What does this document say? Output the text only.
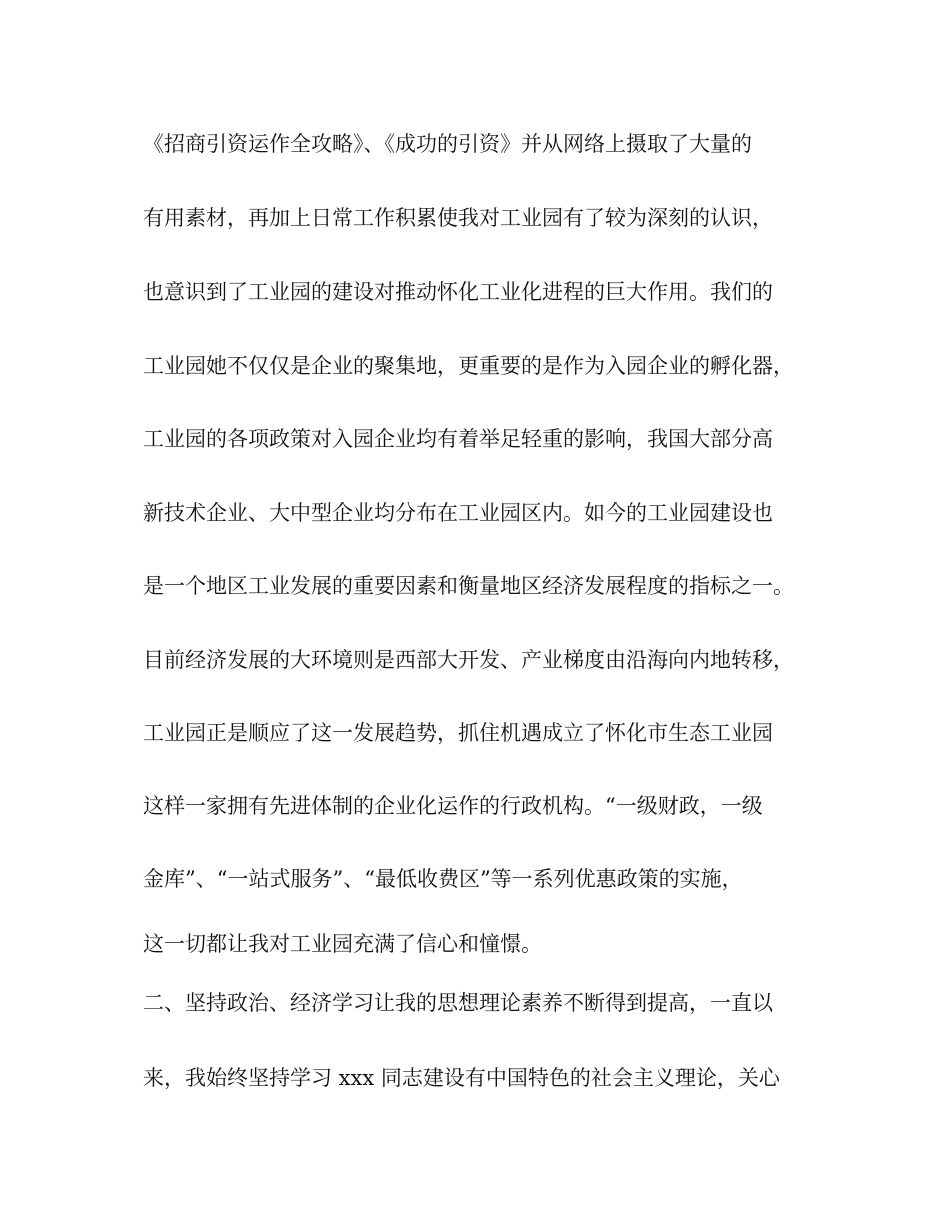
《招商引资运作全攻略》、《成功的引资》并从网络上摄取了大量的
有用素材，再加上日常工作积累使我对工业园有了较为深刻的认识，
也意识到了工业园的建设对推动怀化工业化进程的巨大作用。我们的
工业园她不仅仅是企业的聚集地，更重要的是作为入园企业的孵化器，
工业园的各项政策对入园企业均有着举足轻重的影响，我国大部分高
新技术企业、大中型企业均分布在工业园区内。如今的工业园建设也
是一个地区工业发展的重要因素和衡量地区经济发展程度的指标之一。
目前经济发展的大环境则是西部大开发、产业梯度由沿海向内地转移，
工业园正是顺应了这一发展趋势，抓住机遇成立了怀化市生态工业园
这样一家拥有先进体制的企业化运作的行政机构。“一级财政，一级
金库”、“一站式服务”、“最低收费区”等一系列优惠政策的实施，
这一切都让我对工业园充满了信心和憧憬。
二、坚持政治、经济学习让我的思想理论素养不断得到提高，一直以
来，我始终坚持学习 xxx 同志建设有中国特色的社会主义理论，关心
